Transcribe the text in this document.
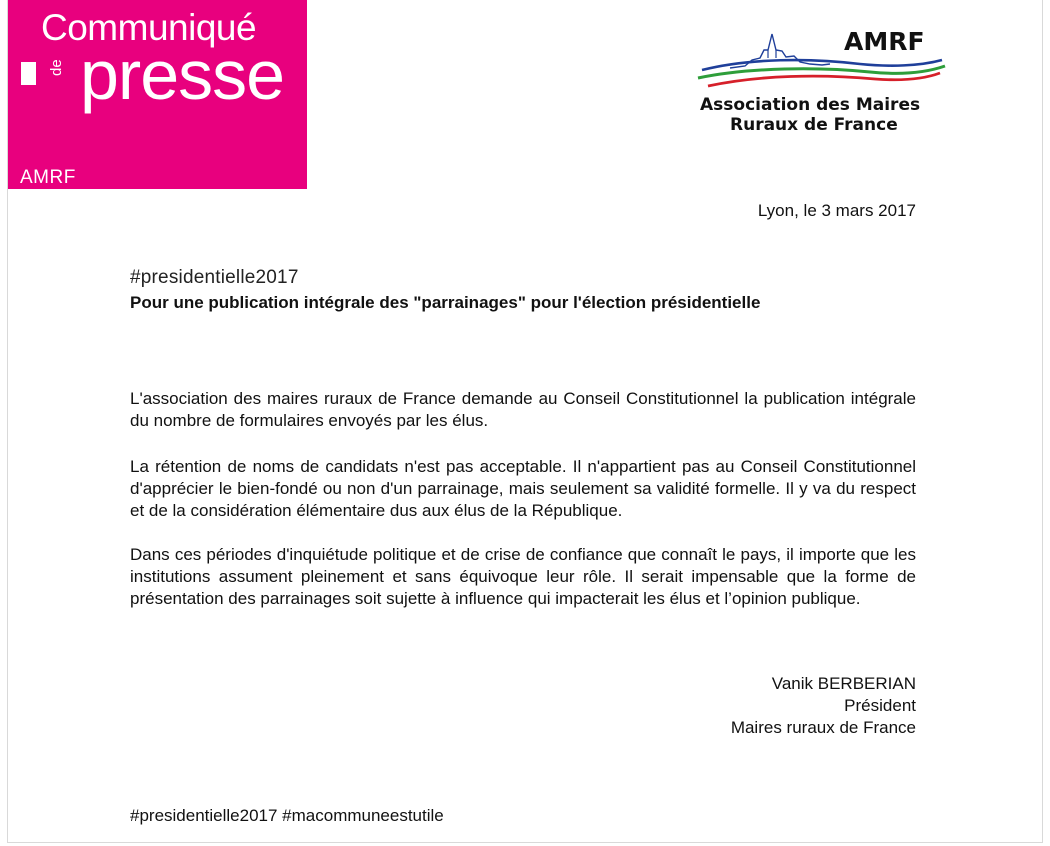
Communiqué
de presse
AMRF
AMRF
Association des Maires
Ruraux de France
Lyon, le 3 mars 2017
#presidentielle2017
Pour une publication intégrale des "parrainages" pour l'élection présidentielle

L'association des maires ruraux de France demande au Conseil Constitutionnel la publication intégrale du nombre de formulaires envoyés par les élus.

La rétention de noms de candidats n'est pas acceptable. Il n'appartient pas au Conseil Constitutionnel d'apprécier le bien-fondé ou non d'un parrainage, mais seulement sa validité formelle. Il y va du respect et de la considération élémentaire dus aux élus de la République.

Dans ces périodes d'inquiétude politique et de crise de confiance que connaît le pays, il importe que les institutions assument pleinement et sans équivoque leur rôle. Il serait impensable que la forme de présentation des parrainages soit sujette à influence qui impacterait les élus et l’opinion publique.

Vanik BERBERIAN
Président
Maires ruraux de France
#presidentielle2017 #macommuneestutile
